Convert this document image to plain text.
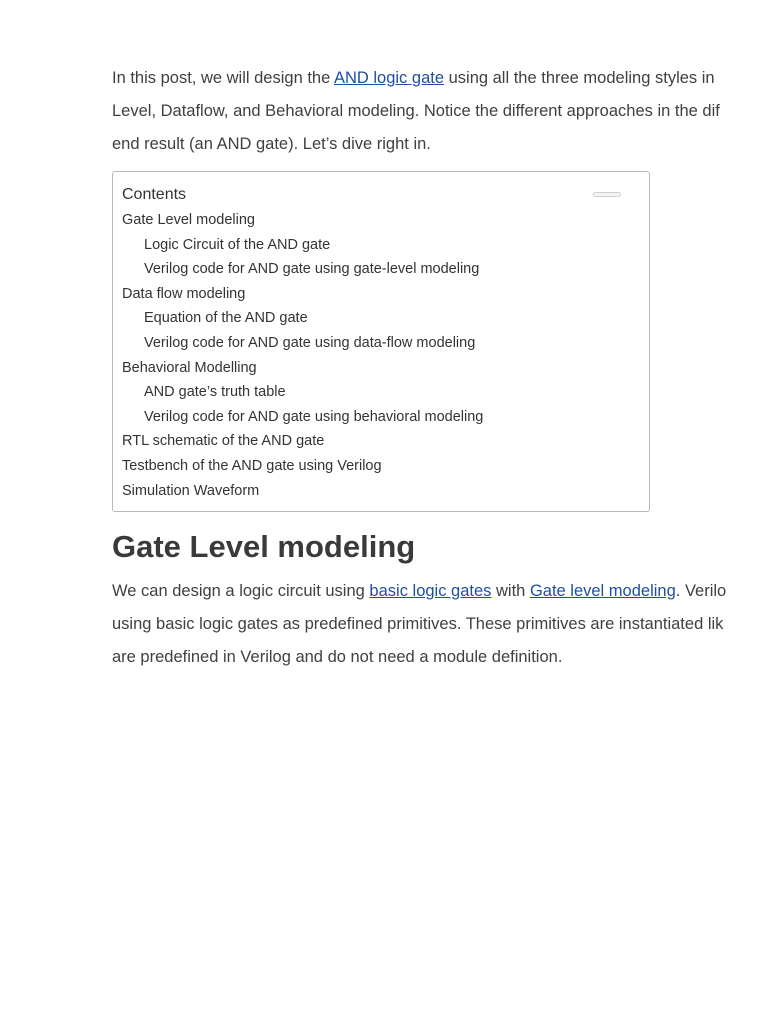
In this post, we will design the AND logic gate using all the three modeling styles in
Level, Dataflow, and Behavioral modeling. Notice the different approaches in the dif
end result (an AND gate). Let’s dive right in.

Contents
Gate Level modeling
Logic Circuit of the AND gate
Verilog code for AND gate using gate-level modeling
Data flow modeling
Equation of the AND gate
Verilog code for AND gate using data-flow modeling
Behavioral Modelling
AND gate’s truth table
Verilog code for AND gate using behavioral modeling
RTL schematic of the AND gate
Testbench of the AND gate using Verilog
Simulation Waveform
Gate Level modeling

We can design a logic circuit using basic logic gates with Gate level modeling. Verilo
using basic logic gates as predefined primitives. These primitives are instantiated lik
are predefined in Verilog and do not need a module definition.
